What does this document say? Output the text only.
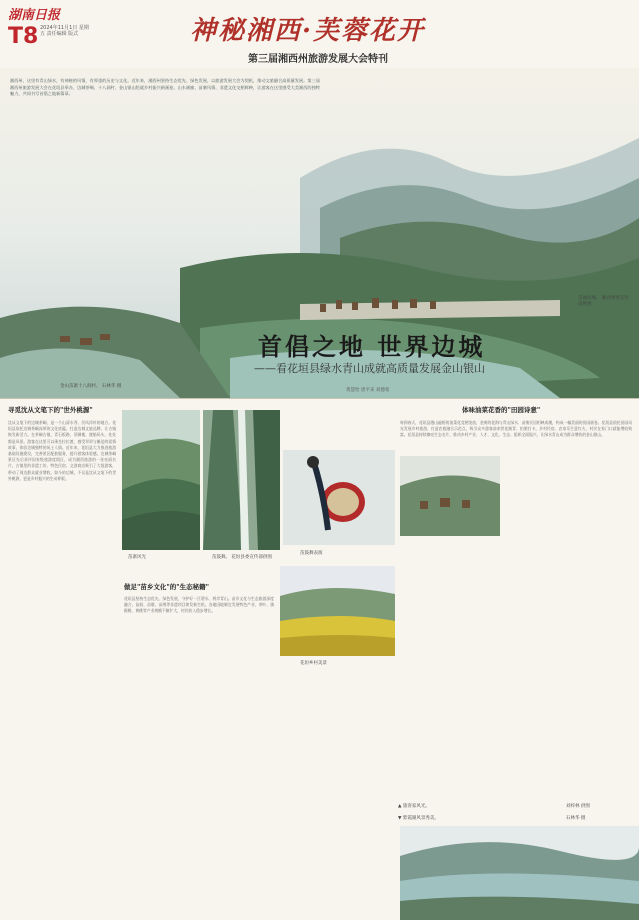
湖南日报
T8 2024年11月1日 星期五 责任编辑 版式	神秘湘西·芙蓉花开
第三届湘西州旅游发展大会特刊
湘西州，这里有青山绿水，有神秘的风情，有厚重的历史与文化。近年来，湘西州坚持生态优先、绿色发展，以旅游发展大会为契机，推动文旅融合高质量发展。第三届湘西州旅游发展大会在花垣县举办，边城茶峒、十八洞村、金山银山绘就乡村振兴新画卷。山水画廊、苗寨风情、非遗文化交相辉映，让游客在这里感受大美湘西的独特魅力，共同书写首倡之地新篇章。
金山苗寨十八洞村。 石林华 摄
美丽边城。 湘西州委宣传部供图
首倡之地 世界边城
——看花垣县绿水青山成就高质量发展金山银山
黄慧怡 唐平来 刘德希
寻觅沈从文笔下的"世外桃源"
沈从文笔下的边城茶峒，是一个山清水秀、民风淳朴的地方。花垣县依托边城茶峒深厚的文化底蕴，打造边城文旅品牌，让古镇焕发新活力。在茶峒古镇，青石板路、吊脚楼、渡船码头，处处都是风景。游客在这里可以乘坐拉拉渡，感受翠翠与傩送的爱情故事，体验边城独特的风土人情。近年来，花垣县大力推进旅游基础设施建设，完善景区配套服务，提升游客体验感。边城茶峒景区先后获评国家级旅游度假区，成为湘西旅游的一张亮丽名片。古镇里的非遗工坊、特色民宿、文创商店吸引了大批游客，带动了周边群众就业增收。如今的边城，不仅是沈从文笔下的世外桃源，更是乡村振兴的生动样板。
苗寨风光	苗鼓舞。 花垣县委宣传部供图
苗鼓舞表演
做足"苗乡文化"的"生态秘籍"
花垣县坚持生态优先、绿色发展，守护好一江碧水、两岸青山。苗乡文化与生态旅游深度融合，苗鼓、苗歌、苗绣等非遗项目焕发新生机。各地因地制宜发展特色产业，茶叶、猕猴桃、黄桃等产业规模不断扩大，村民收入稳步增长。
花垣乡村美景
体味油菜花香的"田园诗意"
每到春天，花垣县漫山遍野的油菜花竞相绽放，金黄的花海与青山绿水、苗寨民居相映成趣，构成一幅美丽的田园画卷。花垣县依托田园风光发展乡村旅游，打造农旅融合示范点，吸引众多游客前来赏花踏青、拍照打卡。乡村民宿、农家乐生意红火，村民在家门口就能增收致富。花垣县持续擦亮生态名片，推动乡村产业、人才、文化、生态、组织全面振兴，让绿水青山成为群众增收的金山银山。
▲ 旅客家风光。
▼ 紫霞湖风景秀美。
刘梓林 供图
石林华 摄
